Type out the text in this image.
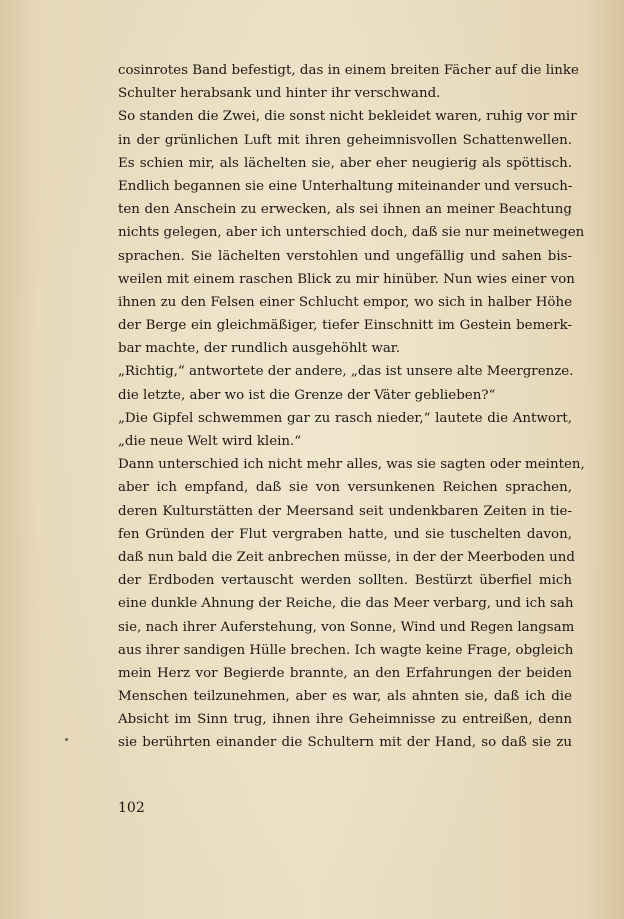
cosinrotes Band befestigt, das in einem breiten Fächer auf die linke
Schulter herabsank und hinter ihr verschwand.
So standen die Zwei, die sonst nicht bekleidet waren, ruhig vor mir
in der grünlichen Luft mit ihren geheimnisvollen Schattenwellen.
Es schien mir, als lächelten sie, aber eher neugierig als spöttisch.
Endlich begannen sie eine Unterhaltung miteinander und versuch-
ten den Anschein zu erwecken, als sei ihnen an meiner Beachtung
nichts gelegen, aber ich unterschied doch, daß sie nur meinetwegen
sprachen. Sie lächelten verstohlen und ungefällig und sahen bis-
weilen mit einem raschen Blick zu mir hinüber. Nun wies einer von
ihnen zu den Felsen einer Schlucht empor, wo sich in halber Höhe
der Berge ein gleichmäßiger, tiefer Einschnitt im Gestein bemerk-
bar machte, der rundlich ausgehöhlt war.
„Richtig,“ antwortete der andere, „das ist unsere alte Meergrenze.
die letzte, aber wo ist die Grenze der Väter geblieben?“
„Die Gipfel schwemmen gar zu rasch nieder,“ lautete die Antwort,
„die neue Welt wird klein.“
Dann unterschied ich nicht mehr alles, was sie sagten oder meinten,
aber ich empfand, daß sie von versunkenen Reichen sprachen,
deren Kulturstätten der Meersand seit undenkbaren Zeiten in tie-
fen Gründen der Flut vergraben hatte, und sie tuschelten davon,
daß nun bald die Zeit anbrechen müsse, in der der Meerboden und
der Erdboden vertauscht werden sollten. Bestürzt überfiel mich
eine dunkle Ahnung der Reiche, die das Meer verbarg, und ich sah
sie, nach ihrer Auferstehung, von Sonne, Wind und Regen langsam
aus ihrer sandigen Hülle brechen. Ich wagte keine Frage, obgleich
mein Herz vor Begierde brannte, an den Erfahrungen der beiden
Menschen teilzunehmen, aber es war, als ahnten sie, daß ich die
Absicht im Sinn trug, ihnen ihre Geheimnisse zu entreißen, denn
sie berührten einander die Schultern mit der Hand, so daß sie zu
102
